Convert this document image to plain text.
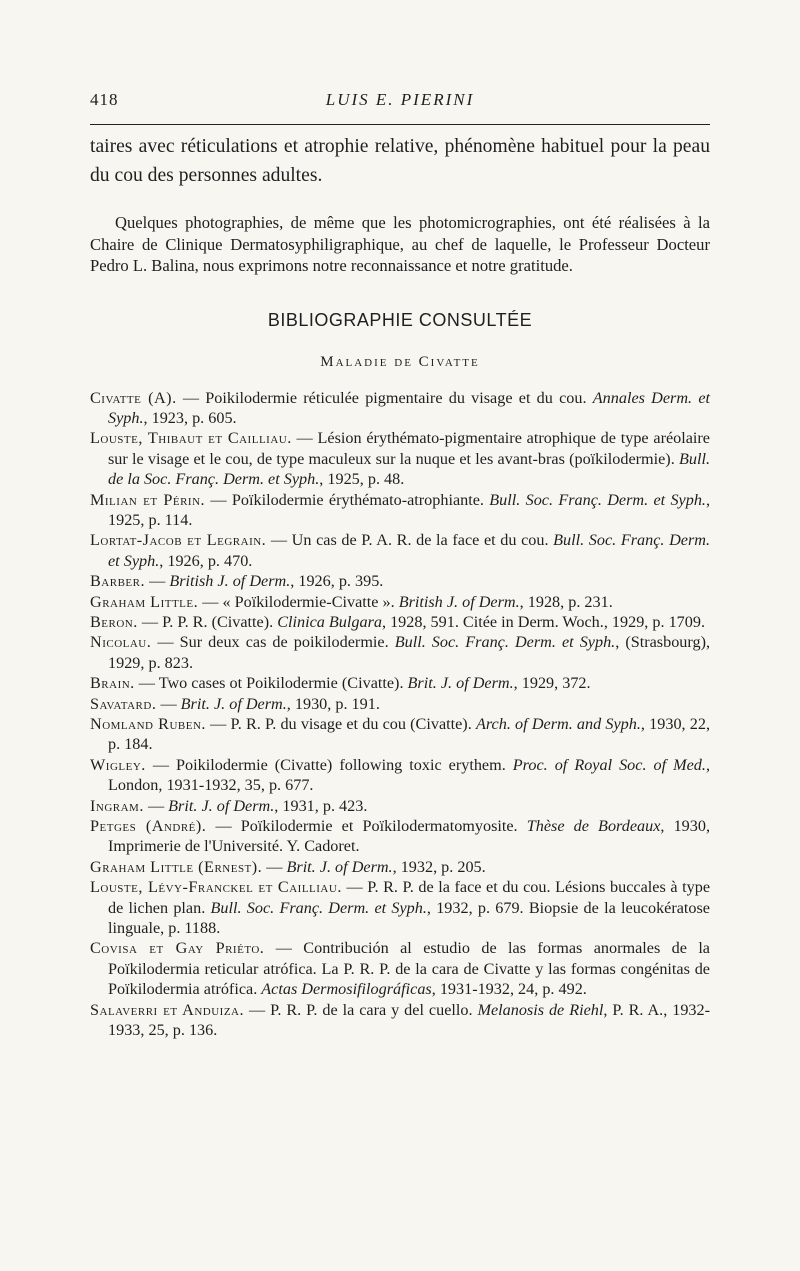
418	LUIS E. PIERINI

taires avec réticulations et atrophie relative, phénomène habituel pour la peau du cou des personnes adultes.

Quelques photographies, de même que les photomicrographies, ont été réalisées à la Chaire de Clinique Dermatosyphiligraphique, au chef de laquelle, le Professeur Docteur Pedro L. Balina, nous exprimons notre reconnaissance et notre gratitude.

BIBLIOGRAPHIE CONSULTÉE
Maladie de Civatte

Civatte (A). — Poikilodermie réticulée pigmentaire du visage et du cou. Annales Derm. et Syph., 1923, p. 605.

Louste, Thibaut et Cailliau. — Lésion érythémato-pigmentaire atrophique de type aréolaire sur le visage et le cou, de type maculeux sur la nuque et les avant-bras (poïkilodermie). Bull. de la Soc. Franç. Derm. et Syph., 1925, p. 48.

Milian et Périn. — Poïkilodermie érythémato-atrophiante. Bull. Soc. Franç. Derm. et Syph., 1925, p. 114.

Lortat-Jacob et Legrain. — Un cas de P. A. R. de la face et du cou. Bull. Soc. Franç. Derm. et Syph., 1926, p. 470.

Barber. — British J. of Derm., 1926, p. 395.

Graham Little. — « Poïkilodermie-Civatte ». British J. of Derm., 1928, p. 231.

Beron. — P. P. R. (Civatte). Clinica Bulgara, 1928, 591. Citée in Derm. Woch., 1929, p. 1709.

Nicolau. — Sur deux cas de poikilodermie. Bull. Soc. Franç. Derm. et Syph., (Strasbourg), 1929, p. 823.

Brain. — Two cases ot Poikilodermie (Civatte). Brit. J. of Derm., 1929, 372.

Savatard. — Brit. J. of Derm., 1930, p. 191.

Nomland Ruben. — P. R. P. du visage et du cou (Civatte). Arch. of Derm. and Syph., 1930, 22, p. 184.

Wigley. — Poikilodermie (Civatte) following toxic erythem. Proc. of Royal Soc. of Med., London, 1931-1932, 35, p. 677.

Ingram. — Brit. J. of Derm., 1931, p. 423.

Petges (André). — Poïkilodermie et Poïkilodermatomyosite. Thèse de Bordeaux, 1930, Imprimerie de l'Université. Y. Cadoret.

Graham Little (Ernest). — Brit. J. of Derm., 1932, p. 205.

Louste, Lévy-Franckel et Cailliau. — P. R. P. de la face et du cou. Lésions buccales à type de lichen plan. Bull. Soc. Franç. Derm. et Syph., 1932, p. 679. Biopsie de la leucokératose linguale, p. 1188.

Covisa et Gay Priéto. — Contribución al estudio de las formas anormales de la Poïkilodermia reticular atrófica. La P. R. P. de la cara de Civatte y las formas congénitas de Poïkilodermia atrófica. Actas Dermosifilográficas, 1931-1932, 24, p. 492.

Salaverri et Anduiza. — P. R. P. de la cara y del cuello. Melanosis de Riehl, P. R. A., 1932-1933, 25, p. 136.
